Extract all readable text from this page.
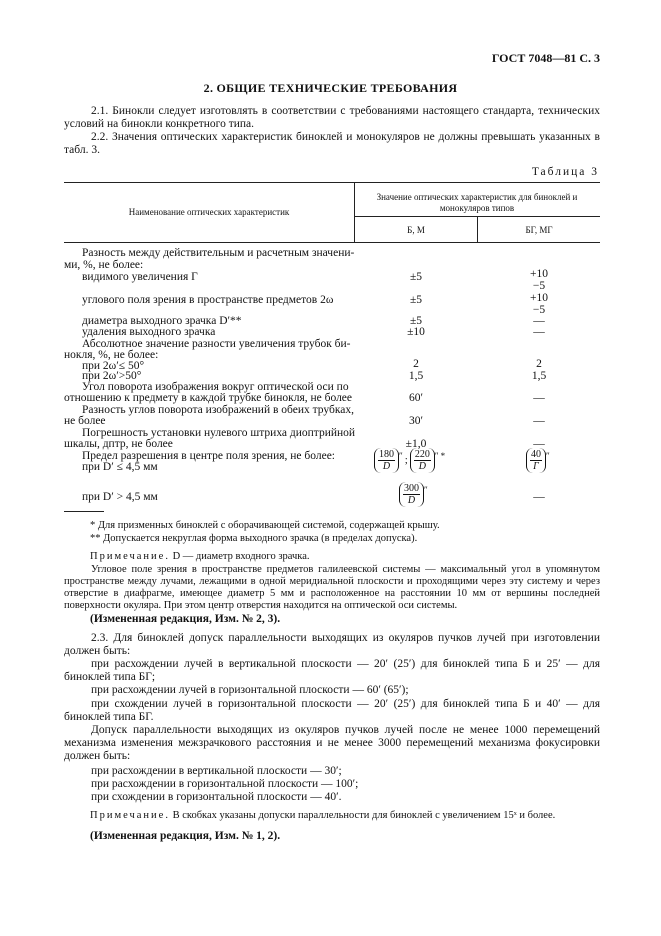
ГОСТ 7048—81 С. 3
2. ОБЩИЕ ТЕХНИЧЕСКИЕ ТРЕБОВАНИЯ
2.1. Бинокли следует изготовлять в соответствии с требованиями настоящего стандарта, технических условий на бинокли конкретного типа.
2.2. Значения оптических характеристик биноклей и монокуляров не должны превышать указанных в табл. 3.
Таблица 3
Наименование оптических характеристик
Значение оптических характеристик для биноклей и монокуляров типов
Б, М	БГ, МГ
Разность между действительным и расчетным значени-
ми, %, не более:
видимого увеличения Г	±5	+10
−5
углового поля зрения в пространстве предметов 2ω	±5	+10
−5
диаметра выходного зрачка D′**	±5	—
удаления выходного зрачка	±10	—
Абсолютное значение разности увеличения трубок би-
нокля, %, не более:
при 2ω′≤ 50°	2	2
при 2ω′>50°	1,5	1,5
Угол поворота изображения вокруг оптической оси по
отношению к предмету в каждой трубке бинокля, не более	60′	—
Разность углов поворота изображений в обеих трубках,
не более	30′	—
Погрешность установки нулевого штриха диоптрийной
шкалы, дптр, не более	±1,0	—
Предел разрешения в центре поля зрения, не более:
при D′ ≤ 4,5 мм	$\frac{180}{D}$ ″ ; $\frac{220}{D}$ ″ *	$\frac{40}{Г}$ ″
при D′ > 4,5 мм	$\frac{300}{D}$ ″
—
* Для призменных биноклей с оборачивающей системой, содержащей крышу.
** Допускается некруглая форма выходного зрачка (в пределах допуска).
Примечание. D — диаметр входного зрачка.
Угловое поле зрения в пространстве предметов галилеевской системы — максимальный угол в упомянутом пространстве между лучами, лежащими в одной меридиальной плоскости и проходящими через эту систему и через отверстие в диафрагме, имеющее диаметр 5 мм и расположенное на расстоянии 10 мм от вершины последней поверхности окуляра. При этом центр отверстия находится на оптической оси системы.
(Измененная редакция, Изм. № 2, 3).
2.3. Для биноклей допуск параллельности выходящих из окуляров пучков лучей при изготовлении должен быть:
при расхождении лучей в вертикальной плоскости — 20′ (25′) для биноклей типа Б и 25′ — для биноклей типа БГ;
при расхождении лучей в горизонтальной плоскости — 60′ (65′);
при схождении лучей в горизонтальной плоскости — 20′ (25′) для биноклей типа Б и 40′ — для биноклей типа БГ.
Допуск параллельности выходящих из окуляров пучков лучей после не менее 1000 перемещений механизма изменения межзрачкового расстояния и не менее 3000 перемещений механизма фокусировки должен быть:
при расхождении в вертикальной плоскости — 30′;
при расхождении в горизонтальной плоскости — 100′;
при схождении в горизонтальной плоскости — 40′.
Примечание. В скобках указаны допуски параллельности для биноклей с увеличением 15ˣ и более.
(Измененная редакция, Изм. № 1, 2).
